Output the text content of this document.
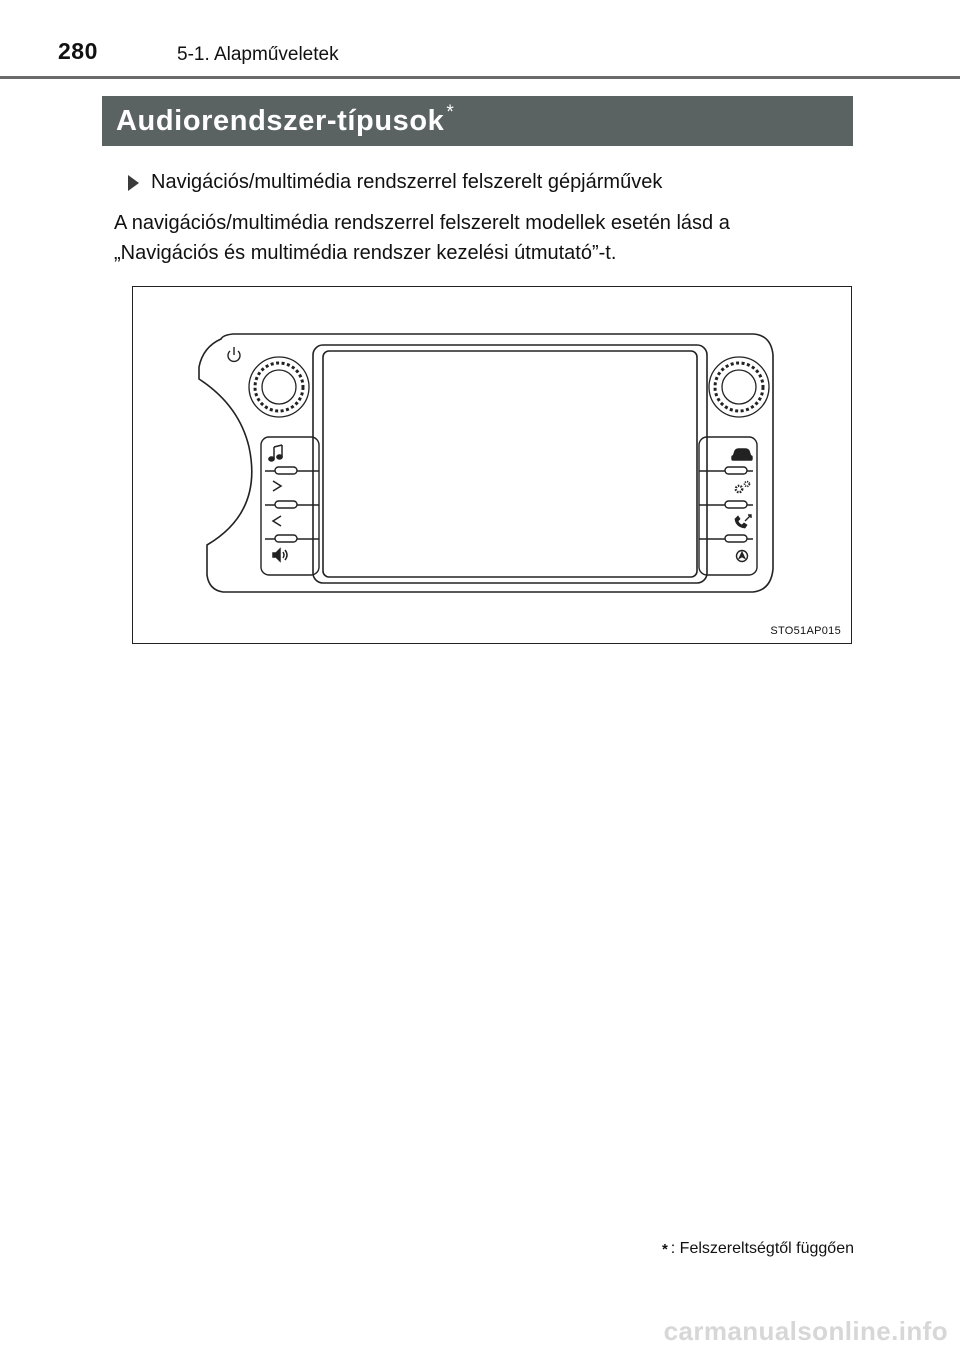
280	5-1. Alapműveletek
Audiorendszer-típusok *
Navigációs/multimédia rendszerrel felszerelt gépjárművek

A navigációs/multimédia rendszerrel felszerelt modellek esetén lásd a

„Navigációs és multimédia rendszer kezelési útmutató”-t.

STO51AP015
* : Felszereltségtől függően
carmanualsonline.info
